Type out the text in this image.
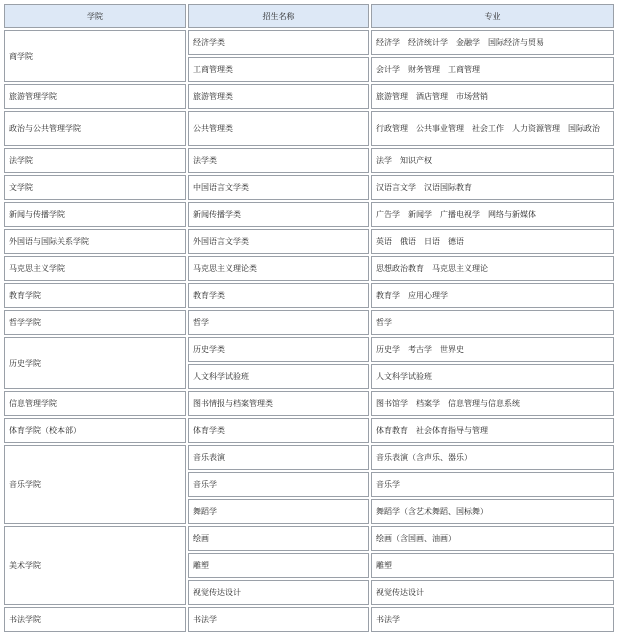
学院	招生名称	专业
商学院	经济学类	经济学　经济统计学　金融学　国际经济与贸易
	工商管理类	会计学　财务管理　工商管理
旅游管理学院	旅游管理类	旅游管理　酒店管理　市场营销
政治与公共管理学院	公共管理类	行政管理　公共事业管理　社会工作　人力资源管理　国际政治
法学院	法学类	法学　知识产权
文学院	中国语言文学类	汉语言文学　汉语国际教育
新闻与传播学院	新闻传播学类	广告学　新闻学　广播电视学　网络与新媒体
外国语与国际关系学院	外国语言文学类	英语　俄语　日语　德语
马克思主义学院	马克思主义理论类	思想政治教育　马克思主义理论
教育学院	教育学类	教育学　应用心理学
哲学学院	哲学	哲学
历史学院	历史学类	历史学　考古学　世界史
	人文科学试验班	人文科学试验班
信息管理学院	图书情报与档案管理类	图书馆学　档案学　信息管理与信息系统
体育学院（校本部）	体育学类	体育教育　社会体育指导与管理
音乐学院	音乐表演	音乐表演（含声乐、器乐）
	音乐学	音乐学
	舞蹈学	舞蹈学（含艺术舞蹈、国标舞）
美术学院	绘画	绘画（含国画、油画）
	雕塑	雕塑
	视觉传达设计	视觉传达设计
书法学院	书法学	书法学
